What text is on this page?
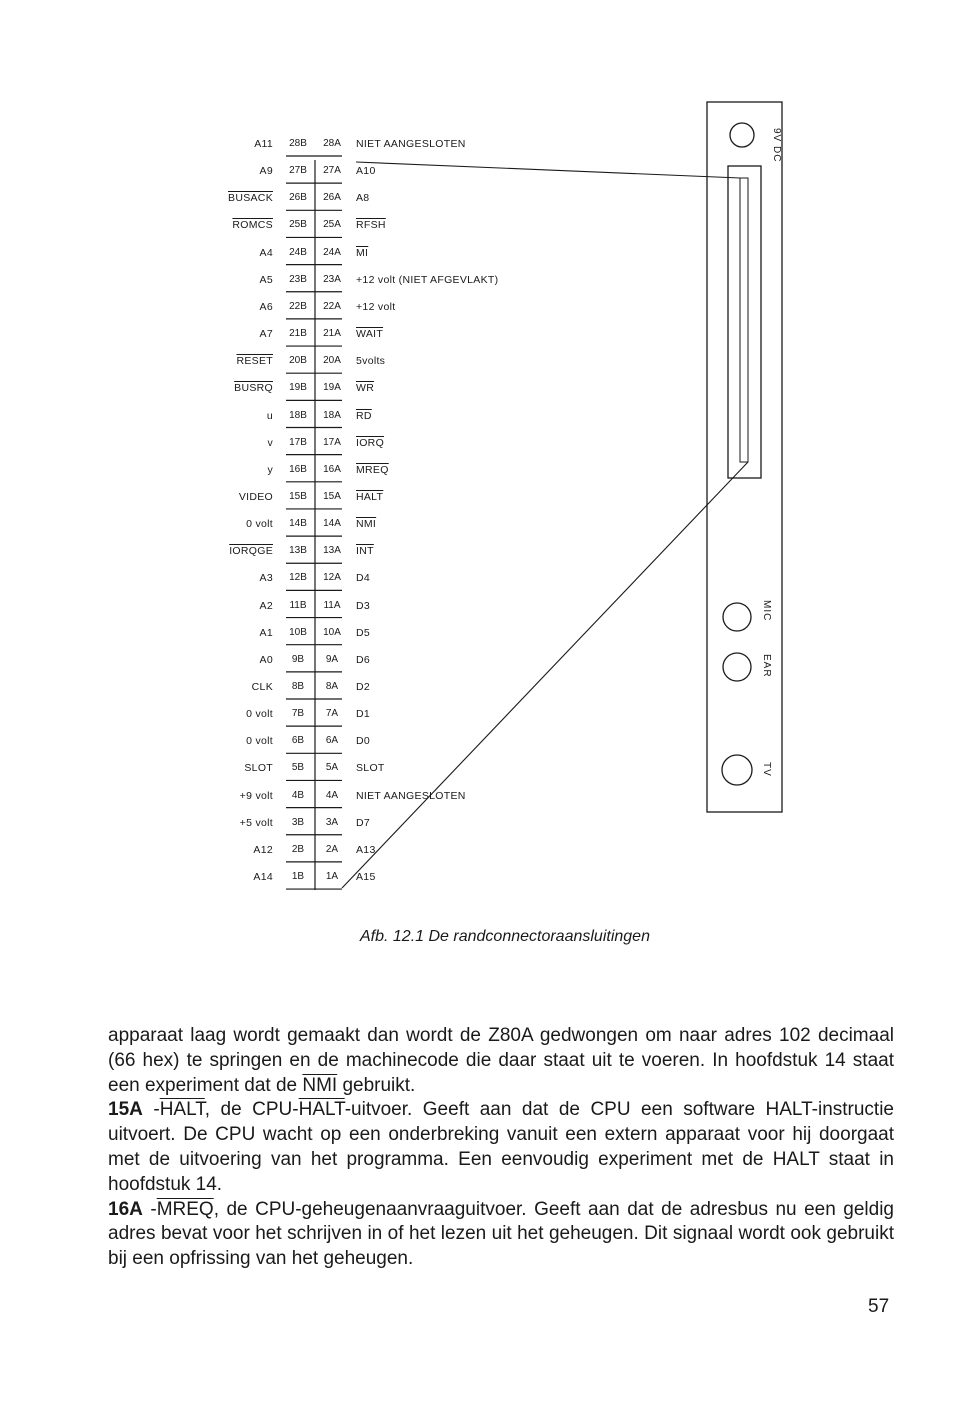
A11	28B	28A	NIET AANGESLOTEN
A9	27B	27A	A10
BUSACK	26B	26A	A8
ROMCS	25B	25A	RFSH
A4	24B	24A	$\overline{MI}$
A5	23B	23A	+12 volt (NIET AFGEVLAKT)
A6	22B	22A	+12 volt
A7	21B	21A	WAIT
RESET	20B	20A	5volts
BUSRQ	19B	19A	$\overline{WR}$
u	18B	18A	$\overline{RD}$
v	17B	17A	IORQ
y	16B	16A	MREQ
VIDEO	15B	15A	HALT
0 volt	14B	14A	$\overline{NMI}$
IORQGE	13B	13A	$\overline{INT}$
A3	12B	12A	D4
A2	11B	11A	D3
A1	10B	10A	D5
A0	9B	9A	D6
CLK	8B	8A	D2
0 volt	7B	7A	D1
0 volt	6B	6A	D0
SLOT	5B	5A	SLOT
+9 volt	4B	4A	NIET AANGESLOTEN
+5 volt	3B	3A	D7
A12	2B	2A	A13
A14	1B	1A	A15
9V DC
MIC
EAR
TV
Afb. 12.1 De randconnectoraansluitingen

apparaat laag wordt gemaakt dan wordt de Z80A gedwongen om naar adres 102 decimaal (66 hex) te springen en de machinecode die daar staat uit te voeren. In hoofdstuk 14 staat een experiment dat de $\overline{NMI}$ gebruikt.

15A -HALT, de CPU-HALT-uitvoer. Geeft aan dat de CPU een software HALT-instructie uitvoert. De CPU wacht op een onderbreking vanuit een extern apparaat voor hij doorgaat met de uitvoering van het programma. Een eenvoudig experiment met de HALT staat in hoofdstuk 14.

16A -MREQ, de CPU-geheugenaanvraaguitvoer. Geeft aan dat de adresbus nu een geldig adres bevat voor het schrijven in of het lezen uit het geheugen. Dit signaal wordt ook gebruikt bij een opfrissing van het geheugen.

57
